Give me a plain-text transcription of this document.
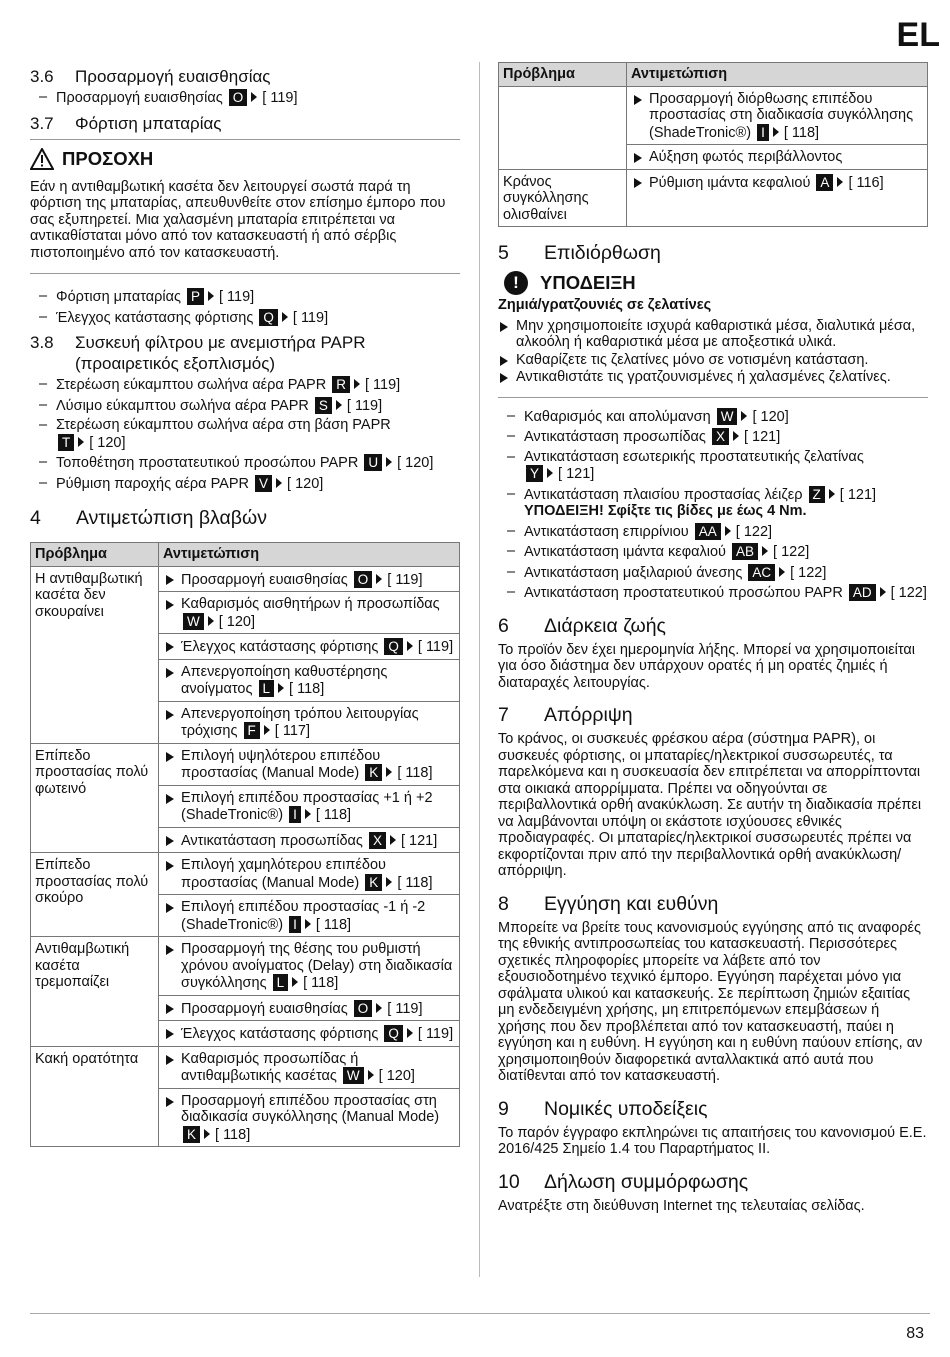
EL
3.6 Προσαρμογή ευαισθησίας
– Προσαρμογή ευαισθησίας O [ 119]
3.7 Φόρτιση μπαταρίας
ΠΡΟΣΟΧΗ
Εάν η αντιθαμβωτική κασέτα δεν λειτουργεί σωστά παρά τη φόρτιση της μπαταρίας, απευθυνθείτε στον επίσημο έμπορο που σας εξυπηρετεί. Μια χαλασμένη μπαταρία επιτρέπεται να αντικαθίσταται μόνο από τον κατασκευαστή ή από σέρβις πιστοποιημένο από τον κατασκευαστή.
– Φόρτιση μπαταρίας P [ 119]
– Έλεγχος κατάστασης φόρτισης Q [ 119]
3.8 Συσκευή φίλτρου με ανεμιστήρα PAPR
(προαιρετικός εξοπλισμός)
– Στερέωση εύκαμπτου σωλήνα αέρα PAPR R [ 119]
– Λύσιμο εύκαμπτου σωλήνα αέρα PAPR S [ 119]
– Στερέωση εύκαμπτου σωλήνα αέρα στη βάση PAPR T [ 120]
– Τοποθέτηση προστατευτικού προσώπου PAPR U [ 120]
– Ρύθμιση παροχής αέρα PAPR V [ 120]
4 Αντιμετώπιση βλαβών
Πρόβλημα	Αντιμετώπιση
Η αντιθαμβωτική κασέτα δεν σκουραίνει	Προσαρμογή ευαισθησίας O [ 119]

	Καθαρισμός αισθητήρων ή προσωπίδας W [ 120]

	Έλεγχος κατάστασης φόρτισης Q [ 119]

	Απενεργοποίηση καθυστέρησης ανοίγματος L [ 118]

	Απενεργοποίηση τρόπου λειτουργίας τρόχισης F [ 117]

Επίπεδο προστασίας πολύ φωτεινό	Επιλογή υψηλότερου επιπέδου προστασίας (Manual Mode) K [ 118]

	Επιλογή επιπέδου προστασίας +1 ή +2 (ShadeTronic®) I [ 118]

	Αντικατάσταση προσωπίδας X [ 121]

Επίπεδο προστασίας πολύ σκούρο	Επιλογή χαμηλότερου επιπέδου προστασίας (Manual Mode) K [ 118]

	Επιλογή επιπέδου προστασίας -1 ή -2 (ShadeTronic®) I [ 118]

Αντιθαμβωτική κασέτα τρεμοπαίζει	Προσαρμογή της θέσης του ρυθμιστή χρόνου ανοίγματος (Delay) στη διαδικασία συγκόλλησης L [ 118]

	Προσαρμογή ευαισθησίας O [ 119]

	Έλεγχος κατάστασης φόρτισης Q [ 119]

Κακή ορατότητα	Καθαρισμός προσωπίδας ή αντιθαμβωτικής κασέτας W [ 120]

	Προσαρμογή επιπέδου προστασίας στη διαδικασία συγκόλλησης (Manual Mode) K [ 118]
Πρόβλημα	Αντιμετώπιση

	Προσαρμογή διόρθωσης επιπέδου προστασίας στη διαδικασία συγκόλλησης (ShadeTronic®) I [ 118]

	Αύξηση φωτός περιβάλλοντος

Κράνος συγκόλλησης ολισθαίνει	Ρύθμιση ιμάντα κεφαλιού A [ 116]
5 Επιδιόρθωση
!	ΥΠΟΔΕΙΞΗ
Ζημιά/γρατζουνιές σε ζελατίνες
Μην χρησιμοποιείτε ισχυρά καθαριστικά μέσα, διαλυτικά μέσα, αλκοόλη ή καθαριστικά μέσα με αποξεστικά υλικά.
Καθαρίζετε τις ζελατίνες μόνο σε νοτισμένη κατάσταση.
Αντικαθιστάτε τις γρατζουνισμένες ή χαλασμένες ζελατίνες.
– Καθαρισμός και απολύμανση W [ 120]
– Αντικατάσταση προσωπίδας X [ 121]
– Αντικατάσταση εσωτερικής προστατευτικής ζελατίνας Y [ 121]
– Αντικατάσταση πλαισίου προστασίας λέιζερ Z [ 121]
ΥΠΟΔΕΙΞΗ! Σφίξτε τις βίδες με έως 4 Nm.
– Αντικατάσταση επιρρίνιου AA [ 122]
– Αντικατάσταση ιμάντα κεφαλιού AB [ 122]
– Αντικατάσταση μαξιλαριού άνεσης AC [ 122]
– Αντικατάσταση προστατευτικού προσώπου PAPR AD [ 122]
6 Διάρκεια ζωής

Το προϊόν δεν έχει ημερομηνία λήξης. Μπορεί να χρησιμοποιείται για όσο διάστημα δεν υπάρχουν ορατές ή μη ορατές ζημιές ή διαταραχές λειτουργίας.

7 Απόρριψη

Το κράνος, οι συσκευές φρέσκου αέρα (σύστημα PAPR), οι συσκευές φόρτισης, οι μπαταρίες/ηλεκτρικοί συσσωρευτές, τα παρελκόμενα και η συσκευασία δεν επιτρέπεται να απορρίπτονται στα οικιακά απορρίμματα. Πρέπει να οδηγούνται σε περιβαλλοντικά ορθή ανακύκλωση. Σε αυτήν τη διαδικασία πρέπει να λαμβάνονται υπόψη οι εκάστοτε ισχύουσες εθνικές προδιαγραφές. Οι μπαταρίες/ηλεκτρικοί συσσωρευτές πρέπει να εκφορτίζονται πριν από την περιβαλλοντικά ορθή ανακύκλωση/απόρριψη.

8 Εγγύηση και ευθύνη

Μπορείτε να βρείτε τους κανονισμούς εγγύησης από τις αναφορές της εθνικής αντιπροσωπείας του κατασκευαστή. Περισσότερες σχετικές πληροφορίες μπορείτε να λάβετε από τον εξουσιοδοτημένο τεχνικό έμπορο. Εγγύηση παρέχεται μόνο για σφάλματα υλικού και κατασκευής. Σε περίπτωση ζημιών εξαιτίας μη ενδεδειγμένη χρήσης, μη επιτρεπόμενων επεμβάσεων ή χρήσης που δεν προβλέπεται από τον κατασκευαστή, παύει η εγγύηση και η ευθύνη. Η εγγύηση και η ευθύνη παύουν επίσης, αν χρησιμοποιηθούν διαφορετικά ανταλλακτικά από αυτά που διατίθενται από τον κατασκευαστή.

9 Νομικές υποδείξεις

Το παρόν έγγραφο εκπληρώνει τις απαιτήσεις του κανονισμού Ε.Ε. 2016/425 Σημείο 1.4 του Παραρτήματος II.

10 Δήλωση συμμόρφωσης

Ανατρέξτε στη διεύθυνση Internet της τελευταίας σελίδας.

83
